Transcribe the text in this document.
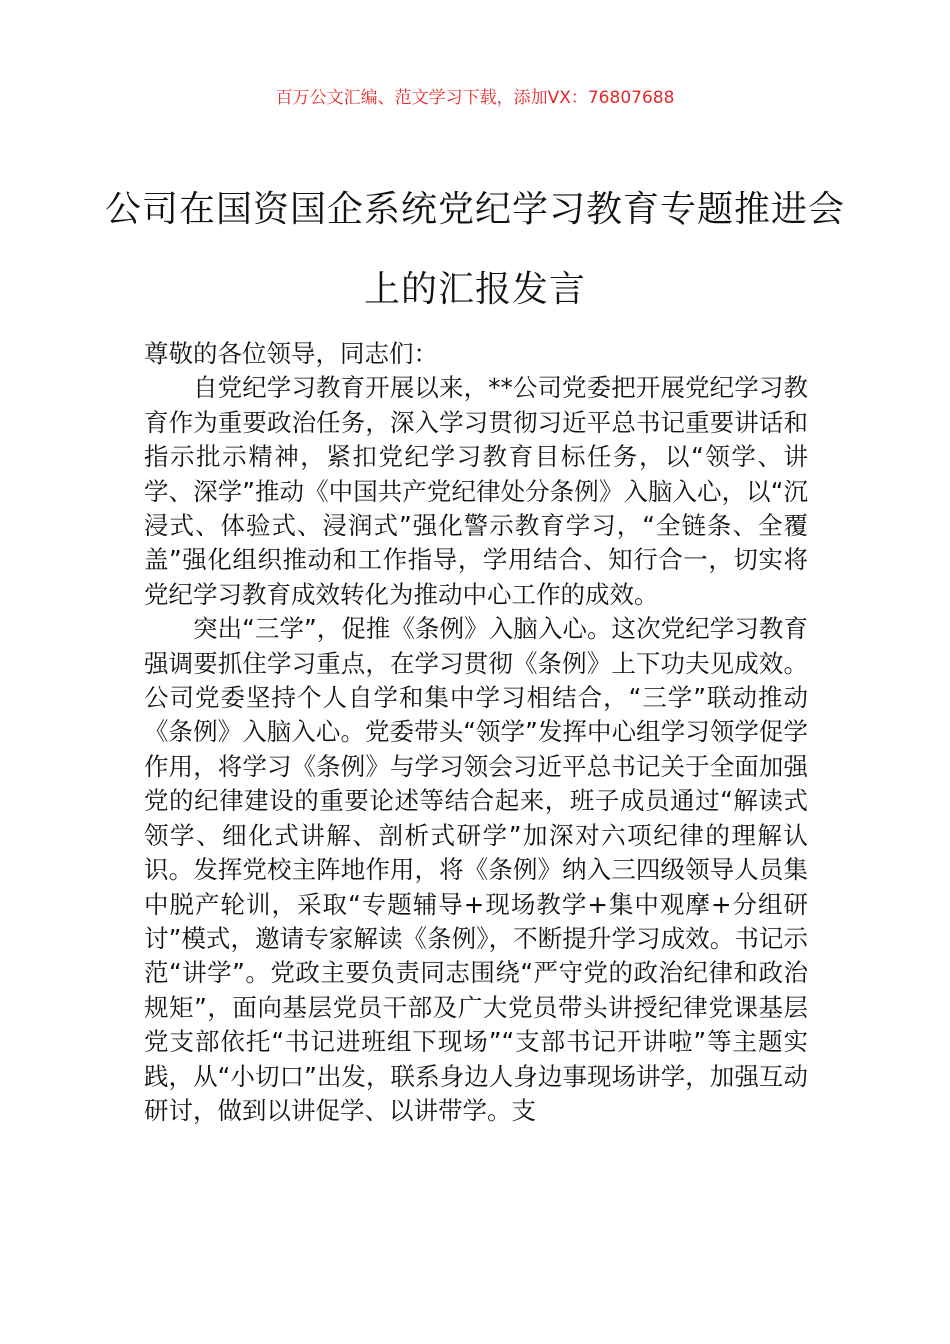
百万公文汇编、范文学习下载，添加VX：76807688
公司在国资国企系统党纪学习教育专题推进会上的汇报发言

尊敬的各位领导，同志们：

自党纪学习教育开展以来，**公司党委把开展党纪学习教育作为重要政治任务，深入学习贯彻习近平总书记重要讲话和指示批示精神，紧扣党纪学习教育目标任务，以“领学、讲学、深学”推动《中国共产党纪律处分条例》入脑入心，以“沉浸式、体验式、浸润式”强化警示教育学习，“全链条、全覆盖”强化组织推动和工作指导，学用结合、知行合一，切实将党纪学习教育成效转化为推动中心工作的成效。

突出“三学”，促推《条例》入脑入心。这次党纪学习教育强调要抓住学习重点，在学习贯彻《条例》上下功夫见成效。公司党委坚持个人自学和集中学习相结合，“三学”联动推动《条例》入脑入心。党委带头“领学”发挥中心组学习领学促学作用，将学习《条例》与学习领会习近平总书记关于全面加强党的纪律建设的重要论述等结合起来，班子成员通过“解读式领学、细化式讲解、剖析式研学”加深对六项纪律的理解认识。发挥党校主阵地作用，将《条例》纳入三四级领导人员集中脱产轮训，采取“专题辅导+现场教学+集中观摩+分组研讨”模式，邀请专家解读《条例》，不断提升学习成效。书记示范“讲学”。党政主要负责同志围绕“严守党的政治纪律和政治规矩”，面向基层党员干部及广大党员带头讲授纪律党课基层党支部依托“书记进班组下现场”“支部书记开讲啦”等主题实践，从“小切口”出发，联系身边人身边事现场讲学，加强互动研讨，做到以讲促学、以讲带学。支
